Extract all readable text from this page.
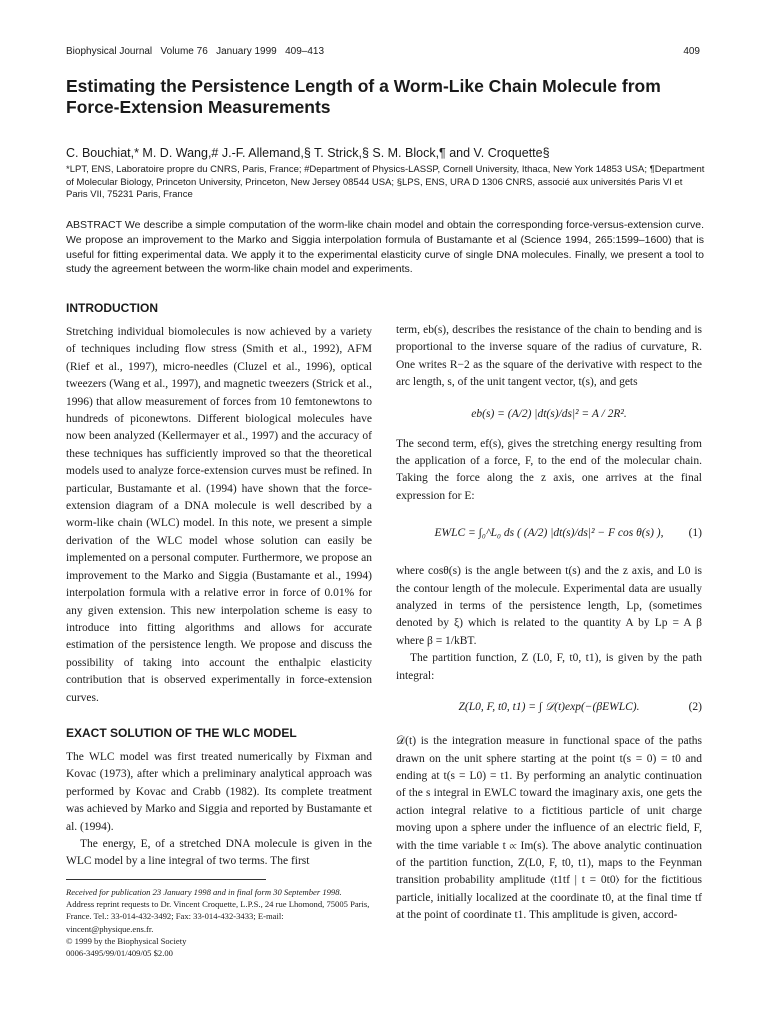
Biophysical Journal Volume 76 January 1999 409–413	409
Estimating the Persistence Length of a Worm-Like Chain Molecule from Force-Extension Measurements

C. Bouchiat,* M. D. Wang,# J.-F. Allemand,§ T. Strick,§ S. M. Block,¶ and V. Croquette§

*LPT, ENS, Laboratoire propre du CNRS, Paris, France; #Department of Physics-LASSP, Cornell University, Ithaca, New York 14853 USA; ¶Department of Molecular Biology, Princeton University, Princeton, New Jersey 08544 USA; §LPS, ENS, URA D 1306 CNRS, associé aux universités Paris VI et Paris VII, 75231 Paris, France

ABSTRACT We describe a simple computation of the worm-like chain model and obtain the corresponding force-versus-extension curve. We propose an improvement to the Marko and Siggia interpolation formula of Bustamante et al (Science 1994, 265:1599–1600) that is useful for fitting experimental data. We apply it to the experimental elasticity curve of single DNA molecules. Finally, we present a tool to study the agreement between the worm-like chain model and experiments.

INTRODUCTION

Stretching individual biomolecules is now achieved by a variety of techniques including flow stress (Smith et al., 1992), AFM (Rief et al., 1997), micro-needles (Cluzel et al., 1996), optical tweezers (Wang et al., 1997), and magnetic tweezers (Strick et al., 1996) that allow measurement of forces from 10 femtonewtons to hundreds of piconewtons. Different biological molecules have now been analyzed (Kellermayer et al., 1997) and the accuracy of these techniques has sufficiently improved so that the theoretical models used to analyze force-extension curves must be refined. In particular, Bustamante et al. (1994) have shown that the force-extension diagram of a DNA molecule is well described by a worm-like chain (WLC) model. In this note, we present a simple derivation of the WLC model whose solution can easily be implemented on a personal computer. Furthermore, we propose an improvement to the Marko and Siggia (Bustamante et al., 1994) interpolation formula with a relative error in force of 0.01% for any given extension. This new interpolation scheme is easy to introduce into fitting algorithms and allows for accurate estimation of the persistence length. We propose and discuss the possibility of taking into account the enthalpic elasticity contribution that is observed experimentally in force-extension curves.

EXACT SOLUTION OF THE WLC MODEL

The WLC model was first treated numerically by Fixman and Kovac (1973), after which a preliminary analytical approach was performed by Kovac and Crabb (1982). Its complete treatment was achieved by Marko and Siggia and reported by Bustamante et al. (1994).

The energy, E, of a stretched DNA molecule is given in the WLC model by a line integral of two terms. The first

Received for publication 23 January 1998 and in final form 30 September 1998.

Address reprint requests to Dr. Vincent Croquette, L.P.S., 24 rue Lhomond, 75005 Paris, France. Tel.: 33-014-432-3492; Fax: 33-014-432-3433; E-mail: vincent@physique.ens.fr.

© 1999 by the Biophysical Society

0006-3495/99/01/409/05 $2.00

term, eb(s), describes the resistance of the chain to bending and is proportional to the inverse square of the radius of curvature, R. One writes R−2 as the square of the derivative with respect to the arc length, s, of the unit tangent vector, t(s), and gets

eb(s) = (A/2) |dt(s)/ds|² = A / 2R².

The second term, ef(s), gives the stretching energy resulting from the application of a force, F, to the end of the molecular chain. Taking the force along the z axis, one arrives at the final expression for E:

EWLC = ∫₀^L₀ ds ( (A/2) |dt(s)/ds|² − F cos θ(s) ),	(1)

where cosθ(s) is the angle between t(s) and the z axis, and L0 is the contour length of the molecule. Experimental data are usually analyzed in terms of the persistence length, Lp, (sometimes denoted by ξ) which is related to the quantity A by Lp = A β where β = 1/kBT.

The partition function, Z (L0, F, t0, t1), is given by the path integral:

Z(L0, F, t0, t1) = ∫ 𝒟(t)exp(−(βEWLC).	(2)

𝒟(t) is the integration measure in functional space of the paths drawn on the unit sphere starting at the point t(s = 0) = t0 and ending at t(s = L0) = t1. By performing an analytic continuation of the s integral in EWLC toward the imaginary axis, one gets the action integral relative to a fictitious particle of unit charge moving upon a sphere under the influence of an electric field, F, with the time variable t ∝ Im(s). The above analytic continuation of the partition function, Z(L0, F, t0, t1), maps to the Feynman transition probability amplitude ⟨t1tf | t = 0t0⟩ for the fictitious particle, initially localized at the coordinate t0, at the final time tf at the point of coordinate t1. This amplitude is given, accord-
